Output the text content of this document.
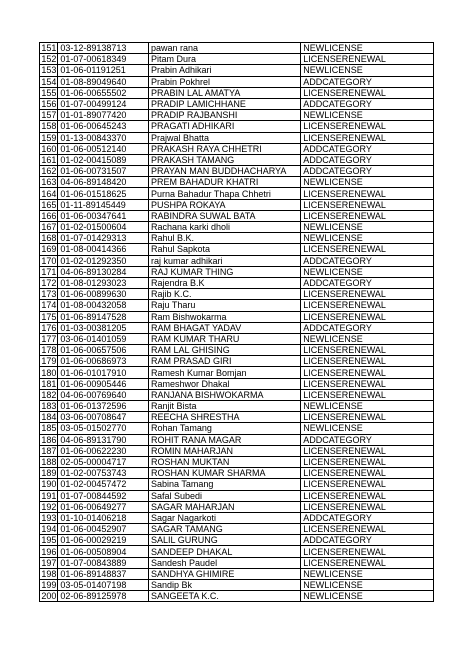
151	03-12-89138713	pawan rana	NEWLICENSE
152	01-07-00618349	Pitam Dura	LICENSERENEWAL
153	01-06-01191251	Prabin Adhikari	NEWLICENSE
154	01-08-89049640	Prabin Pokhrel	ADDCATEGORY
155	01-06-00655502	PRABIN LAL AMATYA	LICENSERENEWAL
156	01-07-00499124	PRADIP LAMICHHANE	ADDCATEGORY
157	01-01-89077420	PRADIP RAJBANSHI	NEWLICENSE
158	01-06-00645243	PRAGATI ADHIKARI	LICENSERENEWAL
159	01-13-00843370	Prajwal Bhatta	LICENSERENEWAL
160	01-06-00512140	PRAKASH RAYA CHHETRI	ADDCATEGORY
161	01-02-00415089	PRAKASH TAMANG	ADDCATEGORY
162	01-06-00731507	PRAYAN MAN BUDDHACHARYA	ADDCATEGORY
163	04-06-89148420	PREM BAHADUR KHATRI	NEWLICENSE
164	01-06-01518625	Purna Bahadur Thapa Chhetri	LICENSERENEWAL
165	01-11-89145449	PUSHPA ROKAYA	LICENSERENEWAL
166	01-06-00347641	RABINDRA SUWAL BATA	LICENSERENEWAL
167	01-02-01500604	Rachana karki dholi	NEWLICENSE
168	01-07-01429313	Rahul B.K.	NEWLICENSE
169	01-08-00414366	Rahul Sapkota	LICENSERENEWAL
170	01-02-01292350	raj kumar adhikari	ADDCATEGORY
171	04-06-89130284	RAJ KUMAR THING	NEWLICENSE
172	01-08-01293023	Rajendra B.K	ADDCATEGORY
173	01-06-00899630	Rajib K.C.	LICENSERENEWAL
174	01-08-00432058	Raju Tharu	LICENSERENEWAL
175	01-06-89147528	Ram Bishwokarma	LICENSERENEWAL
176	01-03-00381205	RAM BHAGAT YADAV	ADDCATEGORY
177	03-06-01401059	RAM KUMAR THARU	NEWLICENSE
178	01-06-00657506	RAM LAL GHISING	LICENSERENEWAL
179	01-06-00686973	RAM PRASAD GIRI	LICENSERENEWAL
180	01-06-01017910	Ramesh Kumar Bomjan	LICENSERENEWAL
181	01-06-00905446	Rameshwor Dhakal	LICENSERENEWAL
182	04-06-00769640	RANJANA BISHWOKARMA	LICENSERENEWAL
183	01-06-01372596	Ranjit Bista	NEWLICENSE
184	03-06-00708647	REECHA SHRESTHA	LICENSERENEWAL
185	03-05-01502770	Rohan Tamang	NEWLICENSE
186	04-06-89131790	ROHIT RANA MAGAR	ADDCATEGORY
187	01-06-00622230	ROMIN MAHARJAN	LICENSERENEWAL
188	02-05-00004717	ROSHAN MUKTAN	LICENSERENEWAL
189	01-02-00753743	ROSHAN KUMAR SHARMA	LICENSERENEWAL
190	01-02-00457472	Sabina Tamang	LICENSERENEWAL
191	01-07-00844592	Safal Subedi	LICENSERENEWAL
192	01-06-00649277	SAGAR MAHARJAN	LICENSERENEWAL
193	01-10-01406218	Sagar Nagarkoti	ADDCATEGORY
194	01-06-00452907	SAGAR TAMANG	LICENSERENEWAL
195	01-06-00029219	SALIL GURUNG	ADDCATEGORY
196	01-06-00508904	SANDEEP DHAKAL	LICENSERENEWAL
197	01-07-00843889	Sandesh Paudel	LICENSERENEWAL
198	01-06-89148837	SANDHYA GHIMIRE	NEWLICENSE
199	03-05-01407198	Sandip Bk	NEWLICENSE
200	02-06-89125978	SANGEETA K.C.	NEWLICENSE
